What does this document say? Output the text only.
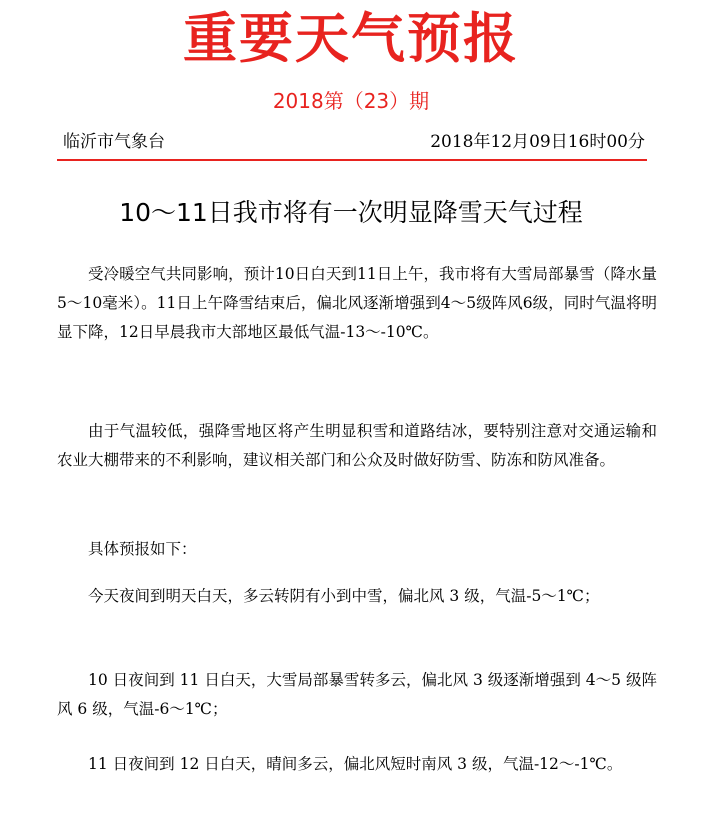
重要天气预报
2018第（23）期
临沂市气象台	2018年12月09日16时00分
10～11日我市将有一次明显降雪天气过程

受冷暖空气共同影响，预计10日白天到11日上午，我市将有大雪局部暴雪（降水量5～10毫米）。11日上午降雪结束后，偏北风逐渐增强到4～5级阵风6级，同时气温将明显下降，12日早晨我市大部地区最低气温-13～-10℃。

由于气温较低，强降雪地区将产生明显积雪和道路结冰，要特别注意对交通运输和农业大棚带来的不利影响，建议相关部门和公众及时做好防雪、防冻和防风准备。

具体预报如下：

今天夜间到明天白天，多云转阴有小到中雪，偏北风 3 级，气温-5～1℃；

10 日夜间到 11 日白天，大雪局部暴雪转多云，偏北风 3 级逐渐增强到 4～5 级阵风 6 级，气温-6～1℃；

11 日夜间到 12 日白天，晴间多云，偏北风短时南风 3 级，气温-12～-1℃。
